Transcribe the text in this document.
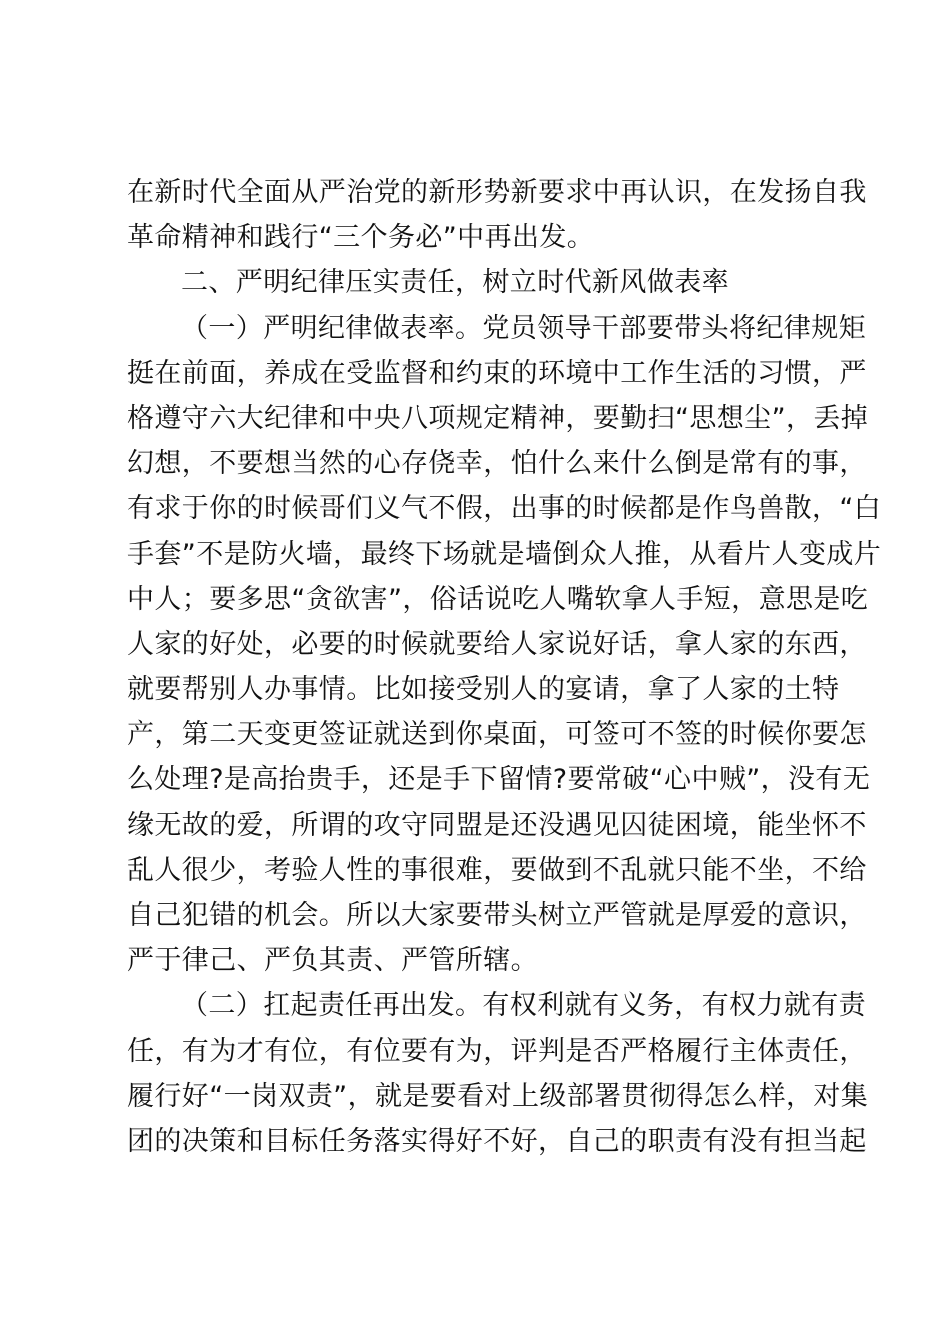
在新时代全面从严治党的新形势新要求中再认识，在发扬自我
革命精神和践行“三个务必”中再出发。
二、严明纪律压实责任，树立时代新风做表率
（一）严明纪律做表率。党员领导干部要带头将纪律规矩
挺在前面，养成在受监督和约束的环境中工作生活的习惯，严
格遵守六大纪律和中央八项规定精神，要勤扫“思想尘”，丢掉
幻想，不要想当然的心存侥幸，怕什么来什么倒是常有的事，
有求于你的时候哥们义气不假，出事的时候都是作鸟兽散，“白
手套”不是防火墙，最终下场就是墙倒众人推，从看片人变成片
中人；要多思“贪欲害”，俗话说吃人嘴软拿人手短，意思是吃
人家的好处，必要的时候就要给人家说好话，拿人家的东西，
就要帮别人办事情。比如接受别人的宴请，拿了人家的土特
产，第二天变更签证就送到你桌面，可签可不签的时候你要怎
么处理?是高抬贵手，还是手下留情?要常破“心中贼”，没有无
缘无故的爱，所谓的攻守同盟是还没遇见囚徒困境，能坐怀不
乱人很少，考验人性的事很难，要做到不乱就只能不坐，不给
自己犯错的机会。所以大家要带头树立严管就是厚爱的意识，
严于律己、严负其责、严管所辖。
（二）扛起责任再出发。有权利就有义务，有权力就有责
任，有为才有位，有位要有为，评判是否严格履行主体责任，
履行好“一岗双责”，就是要看对上级部署贯彻得怎么样，对集
团的决策和目标任务落实得好不好，自己的职责有没有担当起
